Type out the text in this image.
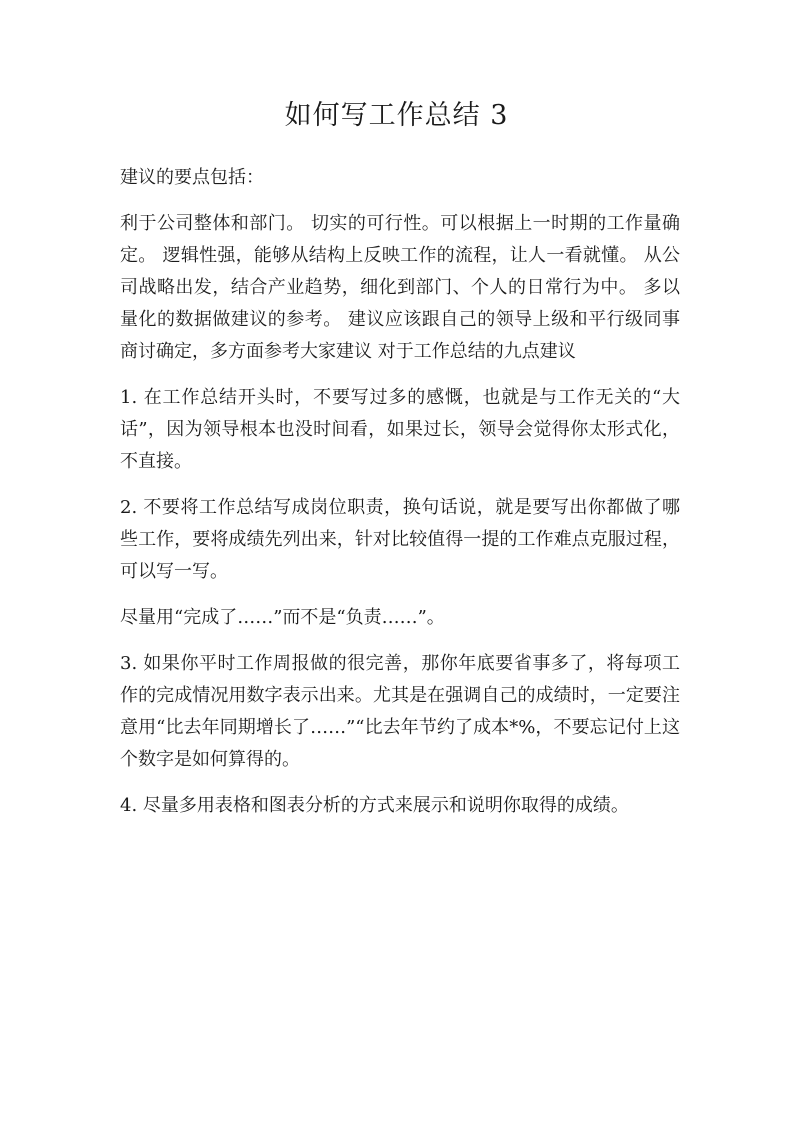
如何写工作总结 3

建议的要点包括：

利于公司整体和部门。 切实的可行性。可以根据上一时期的工作量确定。 逻辑性强，能够从结构上反映工作的流程，让人一看就懂。 从公司战略出发，结合产业趋势，细化到部门、个人的日常行为中。 多以量化的数据做建议的参考。 建议应该跟自己的领导上级和平行级同事商讨确定，多方面参考大家建议 对于工作总结的九点建议

1. 在工作总结开头时，不要写过多的感慨，也就是与工作无关的“大话”，因为领导根本也没时间看，如果过长，领导会觉得你太形式化，不直接。

2. 不要将工作总结写成岗位职责，换句话说，就是要写出你都做了哪些工作，要将成绩先列出来，针对比较值得一提的工作难点克服过程，可以写一写。

尽量用“完成了……”而不是“负责……”。

3. 如果你平时工作周报做的很完善，那你年底要省事多了，将每项工作的完成情况用数字表示出来。尤其是在强调自己的成绩时，一定要注意用“比去年同期增长了……”“比去年节约了成本*%，不要忘记付上这个数字是如何算得的。

4. 尽量多用表格和图表分析的方式来展示和说明你取得的成绩。
